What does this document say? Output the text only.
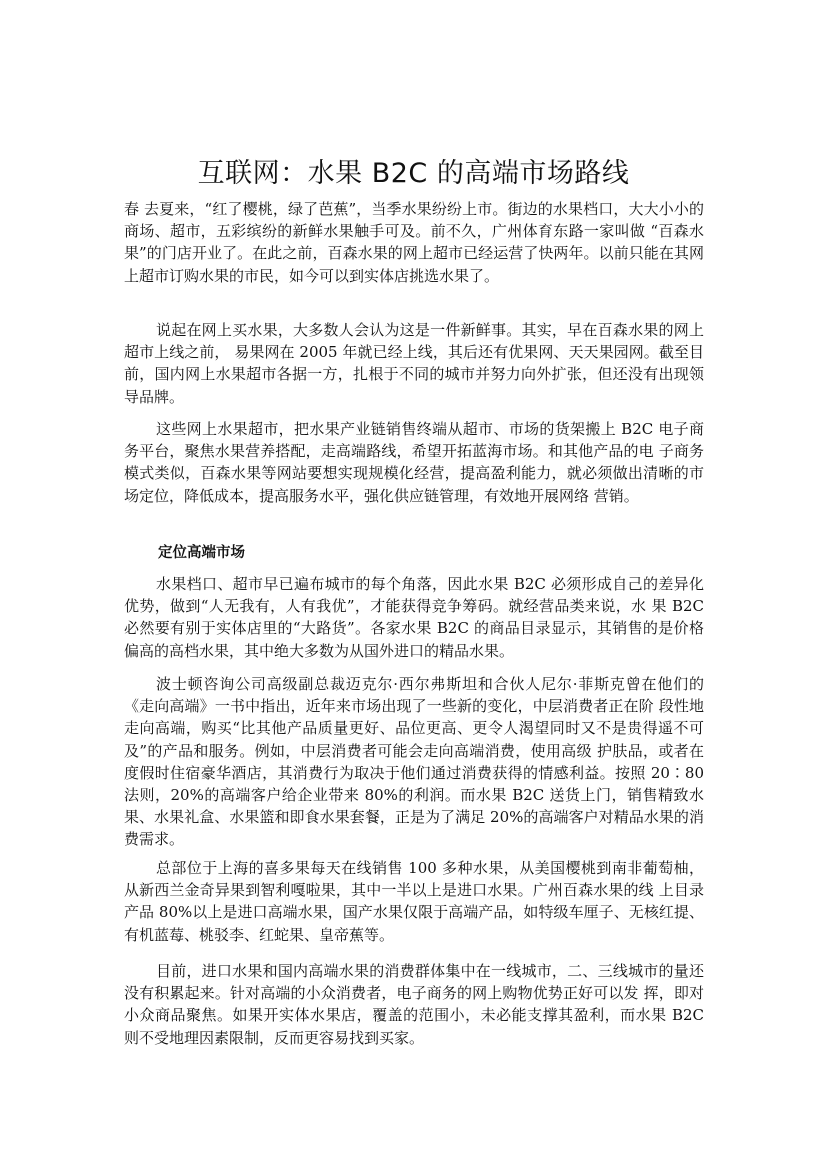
互联网：水果 B2C 的高端市场路线

春 去夏来，“红了樱桃，绿了芭蕉”，当季水果纷纷上市。街边的水果档口，大大小小的商场、超市，五彩缤纷的新鲜水果触手可及。前不久，广州体育东路一家叫做 “百森水果”的门店开业了。在此之前，百森水果的网上超市已经运营了快两年。以前只能在其网上超市订购水果的市民，如今可以到实体店挑选水果了。

说起在网上买水果，大多数人会认为这是一件新鲜事。其实，早在百森水果的网上超市上线之前， 易果网在 2005 年就已经上线，其后还有优果网、天天果园网。截至目前，国内网上水果超市各据一方，扎根于不同的城市并努力向外扩张，但还没有出现领导品牌。

这些网上水果超市，把水果产业链销售终端从超市、市场的货架搬上 B2C 电子商务平台，聚焦水果营养搭配，走高端路线，希望开拓蓝海市场。和其他产品的电 子商务模式类似，百森水果等网站要想实现规模化经营，提高盈利能力，就必须做出清晰的市场定位，降低成本，提高服务水平，强化供应链管理，有效地开展网络 营销。

定位高端市场

水果档口、超市早已遍布城市的每个角落，因此水果 B2C 必须形成自己的差异化优势，做到“人无我有，人有我优”，才能获得竞争筹码。就经营品类来说，水 果 B2C 必然要有别于实体店里的“大路货”。各家水果 B2C 的商品目录显示，其销售的是价格偏高的高档水果，其中绝大多数为从国外进口的精品水果。

波士顿咨询公司高级副总裁迈克尔·西尔弗斯坦和合伙人尼尔·菲斯克曾在他们的《走向高端》一书中指出，近年来市场出现了一些新的变化，中层消费者正在阶 段性地走向高端，购买“比其他产品质量更好、品位更高、更令人渴望同时又不是贵得遥不可及”的产品和服务。例如，中层消费者可能会走向高端消费，使用高级 护肤品，或者在度假时住宿豪华酒店，其消费行为取决于他们通过消费获得的情感利益。按照 20∶80 法则，20%的高端客户给企业带来 80%的利润。而水果 B2C 送货上门，销售精致水果、水果礼盒、水果篮和即食水果套餐，正是为了满足 20%的高端客户对精品水果的消费需求。

总部位于上海的喜多果每天在线销售 100 多种水果，从美国樱桃到南非葡萄柚，从新西兰金奇异果到智利嘎啦果，其中一半以上是进口水果。广州百森水果的线 上目录产品 80%以上是进口高端水果，国产水果仅限于高端产品，如特级车厘子、无核红提、有机蓝莓、桃驳李、红蛇果、皇帝蕉等。

目前，进口水果和国内高端水果的消费群体集中在一线城市，二、三线城市的量还没有积累起来。针对高端的小众消费者，电子商务的网上购物优势正好可以发 挥，即对小众商品聚焦。如果开实体水果店，覆盖的范围小，未必能支撑其盈利，而水果 B2C 则不受地理因素限制，反而更容易找到买家。
